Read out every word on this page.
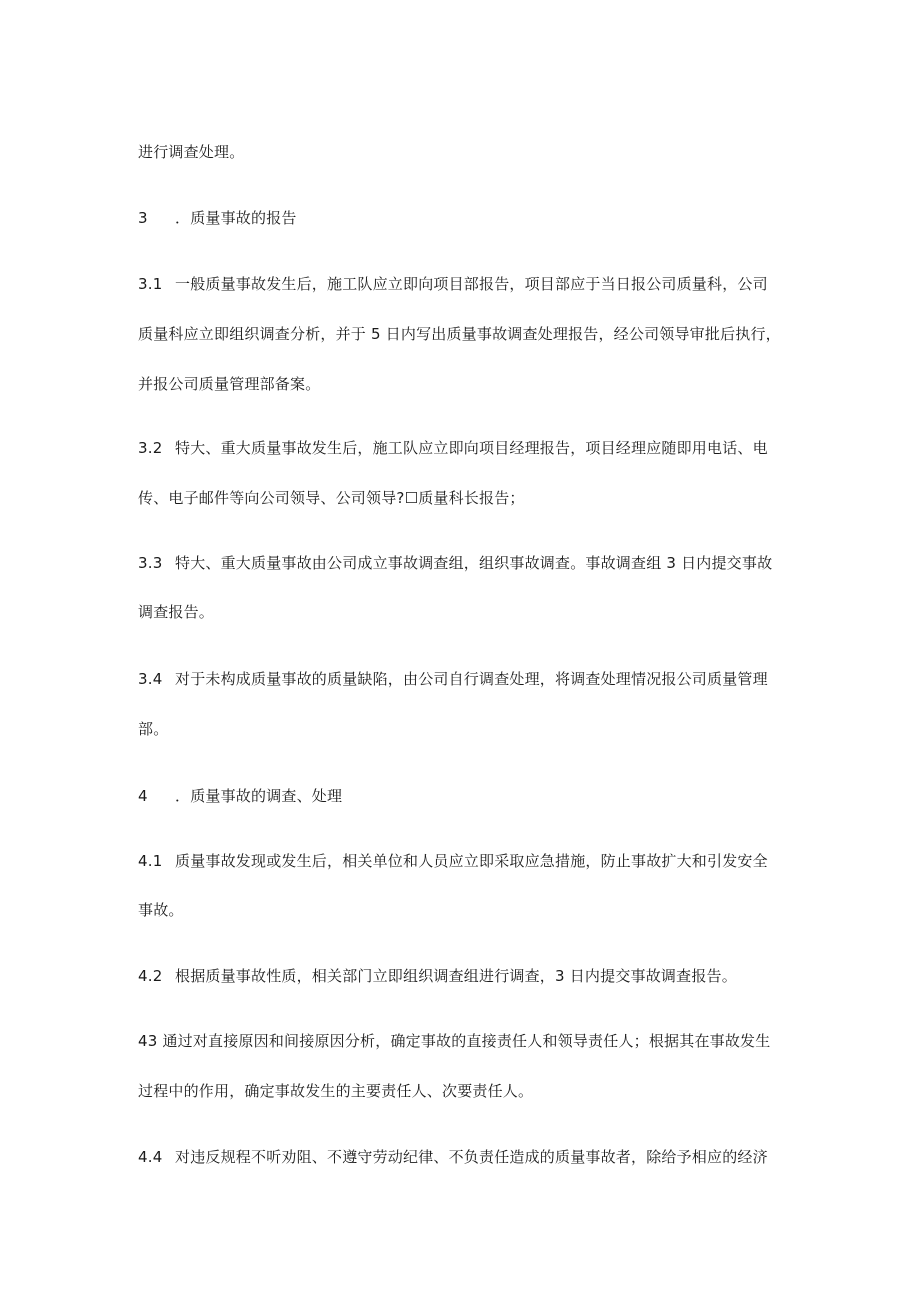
进行调查处理。
3 ．质量事故的报告
3.1 一般质量事故发生后，施工队应立即向项目部报告，项目部应于当日报公司质量科，公司
质量科应立即组织调查分析，并于 5 日内写出质量事故调查处理报告，经公司领导审批后执行，
并报公司质量管理部备案。
3.2 特大、重大质量事故发生后，施工队应立即向项目经理报告，项目经理应随即用电话、电
传、电子邮件等向公司领导、公司领导?☐质量科长报告；
3.3 特大、重大质量事故由公司成立事故调查组，组织事故调查。事故调查组 3 日内提交事故
调查报告。
3.4 对于未构成质量事故的质量缺陷，由公司自行调查处理，将调查处理情况报公司质量管理
部。
4 ．质量事故的调查、处理
4.1 质量事故发现或发生后，相关单位和人员应立即采取应急措施，防止事故扩大和引发安全
事故。
4.2 根据质量事故性质，相关部门立即组织调查组进行调查，3 日内提交事故调查报告。
43 通过对直接原因和间接原因分析，确定事故的直接责任人和领导责任人；根据其在事故发生
过程中的作用，确定事故发生的主要责任人、次要责任人。
4.4 对违反规程不听劝阻、不遵守劳动纪律、不负责任造成的质量事故者，除给予相应的经济
